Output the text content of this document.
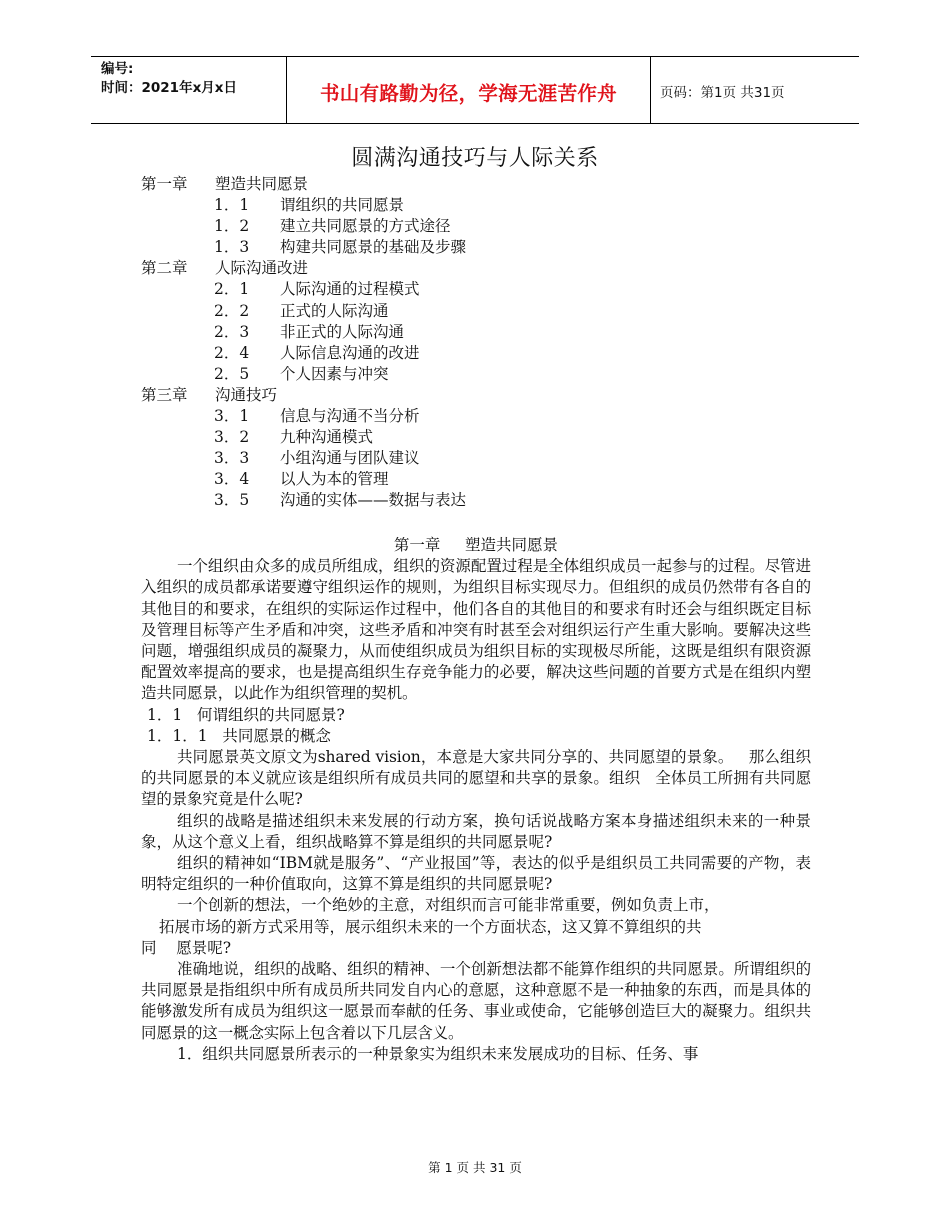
编号:
时间：2021年x月x日	书山有路勤为径，学海无涯苦作舟	页码：第1页 共31页
圆满沟通技巧与人际关系
第一章 塑造共同愿景
1．1 谓组织的共同愿景
1．2 建立共同愿景的方式途径
1．3 构建共同愿景的基础及步骤
第二章 人际沟通改进
2．1 人际沟通的过程模式
2．2 正式的人际沟通
2．3 非正式的人际沟通
2．4 人际信息沟通的改进
2．5 个人因素与冲突
第三章 沟通技巧
3．1 信息与沟通不当分析
3．2 九种沟通模式
3．3 小组沟通与团队建议
3．4 以人为本的管理
3．5 沟通的实体——数据与表达
第一章     塑造共同愿景

一个组织由众多的成员所组成，组织的资源配置过程是全体组织成员一起参与的过程。尽管进入组织的成员都承诺要遵守组织运作的规则，为组织目标实现尽力。但组织的成员仍然带有各自的其他目的和要求，在组织的实际运作过程中，他们各自的其他目的和要求有时还会与组织既定目标及管理目标等产生矛盾和冲突，这些矛盾和冲突有时甚至会对组织运行产生重大影响。要解决这些问题，增强组织成员的凝聚力，从而使组织成员为组织目标的实现极尽所能，这既是组织有限资源配置效率提高的要求，也是提高组织生存竞争能力的必要，解决这些问题的首要方式是在组织内塑造共同愿景，以此作为组织管理的契机。

1．1   何谓组织的共同愿景?
1．1．1   共同愿景的概念

共同愿景英文原文为shared vision，本意是大家共同分享的、共同愿望的景象。   那么组织的共同愿景的本义就应该是组织所有成员共同的愿望和共享的景象。组织   全体员工所拥有共同愿望的景象究竟是什么呢?

组织的战略是描述组织未来发展的行动方案，换句话说战略方案本身描述组织未来的一种景象，从这个意义上看，组织战略算不算是组织的共同愿景呢?

组织的精神如“IBM就是服务”、“产业报国”等，表达的似乎是组织员工共同需要的产物，表明特定组织的一种价值取向，这算不算是组织的共同愿景呢?

一个创新的想法，一个绝妙的主意，对组织而言可能非常重要，例如负责上市，

拓展市场的新方式采用等，展示组织未来的一个方面状态，这又算不算组织的共

同    愿景呢?

准确地说，组织的战略、组织的精神、一个创新想法都不能算作组织的共同愿景。所谓组织的共同愿景是指组织中所有成员所共同发自内心的意愿，这种意愿不是一种抽象的东西，而是具体的能够激发所有成员为组织这一愿景而奉献的任务、事业或使命，它能够创造巨大的凝聚力。组织共同愿景的这一概念实际上包含着以下几层含义。

1．组织共同愿景所表示的一种景象实为组织未来发展成功的目标、任务、事

第 1 页 共 31 页
